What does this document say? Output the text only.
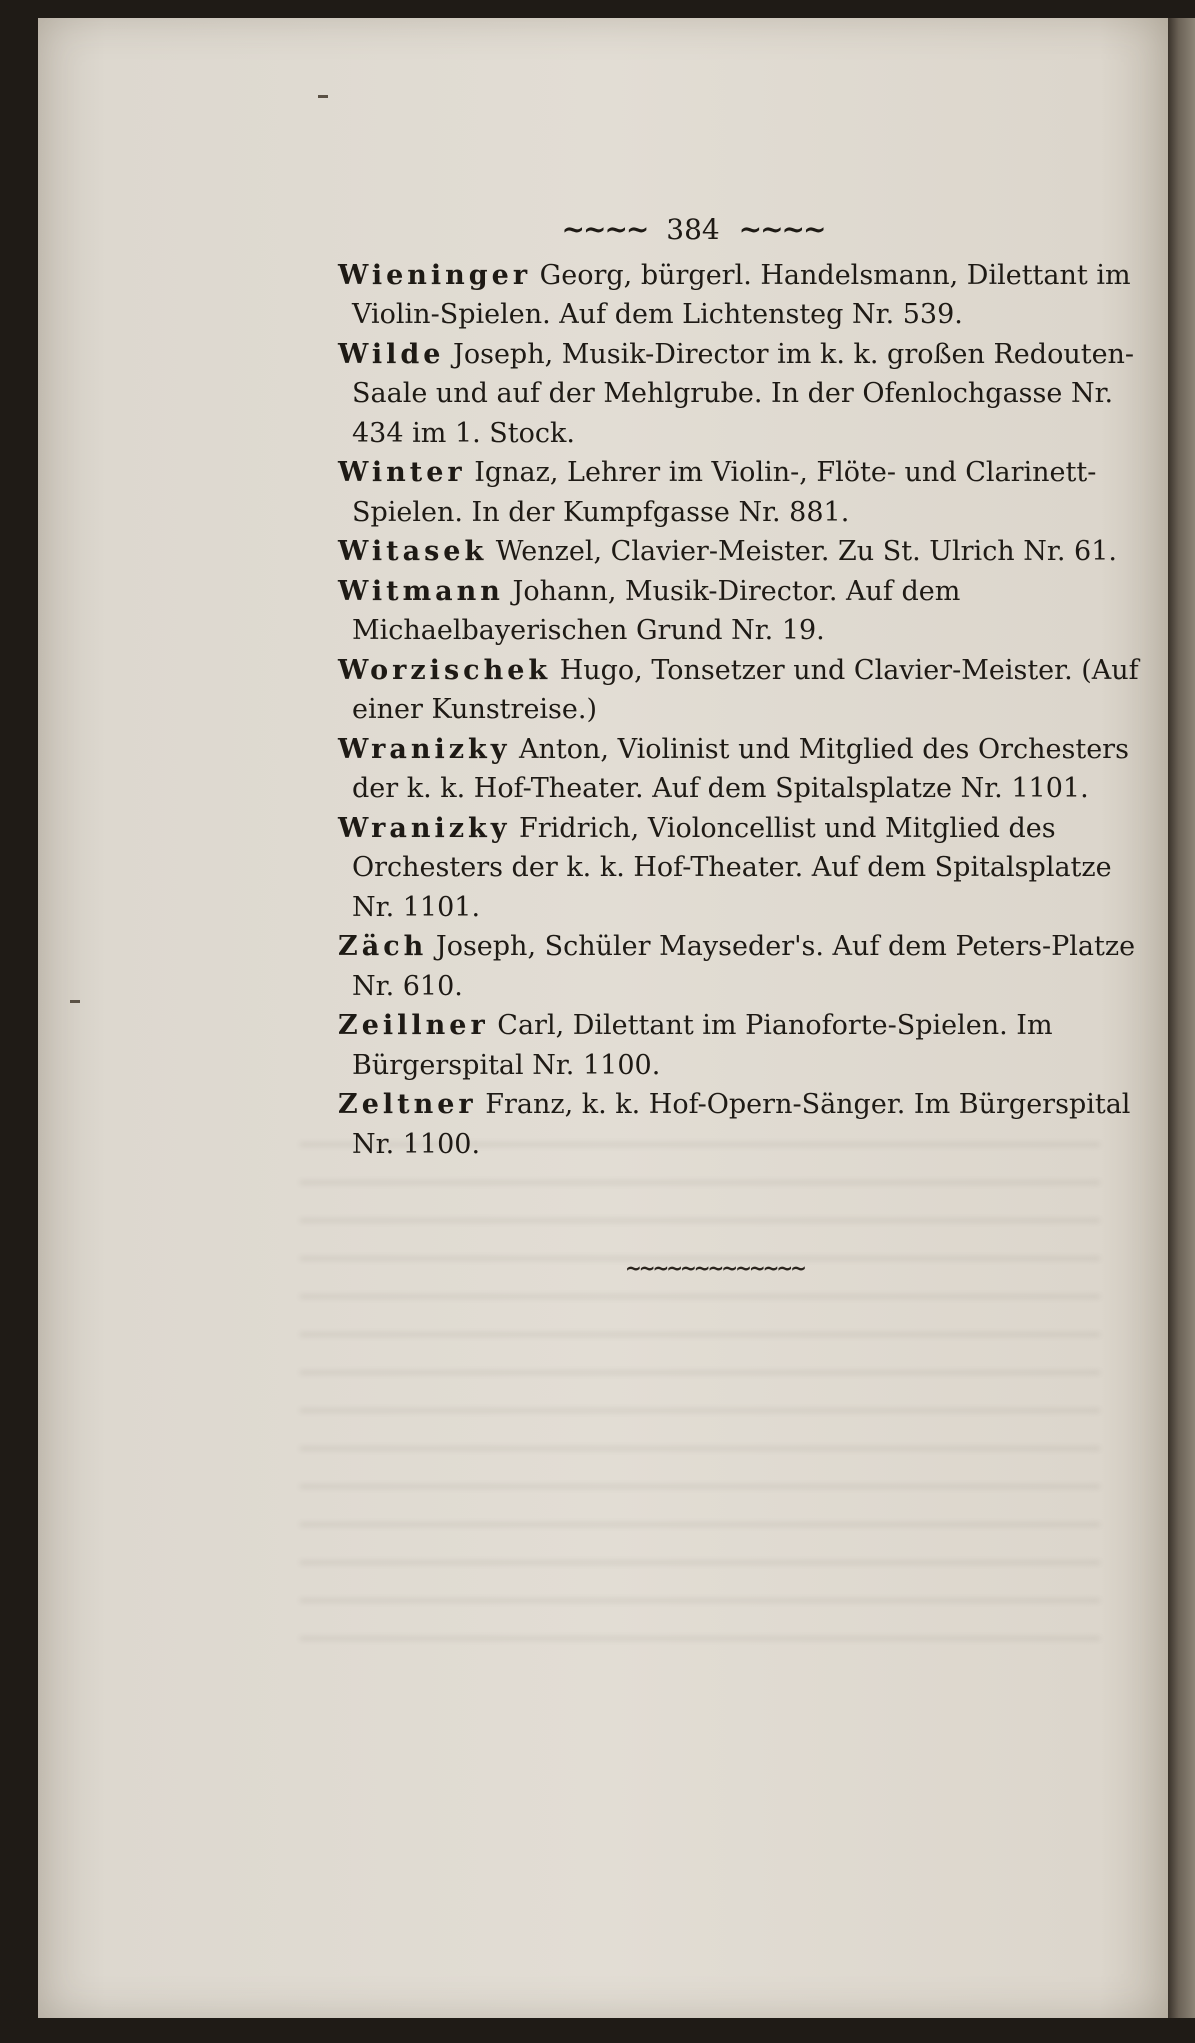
~~~~ 384 ~~~~

Wieninger Georg, bürgerl. Handelsmann, Dilettant im Violin-Spielen. Auf dem Lichtensteg Nr. 539.

Wilde Joseph, Musik-Director im k. k. großen Redouten-Saale und auf der Mehlgrube. In der Ofenlochgasse Nr. 434 im 1. Stock.

Winter Ignaz, Lehrer im Violin-, Flöte- und Clarinett-Spielen. In der Kumpfgasse Nr. 881.

Witasek Wenzel, Clavier-Meister. Zu St. Ulrich Nr. 61.

Witmann Johann, Musik-Director. Auf dem Michaelbayerischen Grund Nr. 19.

Worzischek Hugo, Tonsetzer und Clavier-Meister. (Auf einer Kunstreise.)

Wranizky Anton, Violinist und Mitglied des Orchesters der k. k. Hof-Theater. Auf dem Spitalsplatze Nr. 1101.

Wranizky Fridrich, Violoncellist und Mitglied des Orchesters der k. k. Hof-Theater. Auf dem Spitalsplatze Nr. 1101.

Zäch Joseph, Schüler Mayseder's. Auf dem Peters-Platze Nr. 610.

Zeillner Carl, Dilettant im Pianoforte-Spielen. Im Bürgerspital Nr. 1100.

Zeltner Franz, k. k. Hof-Opern-Sänger. Im Bürgerspital Nr. 1100.

~~~~~~~~~~~~~
